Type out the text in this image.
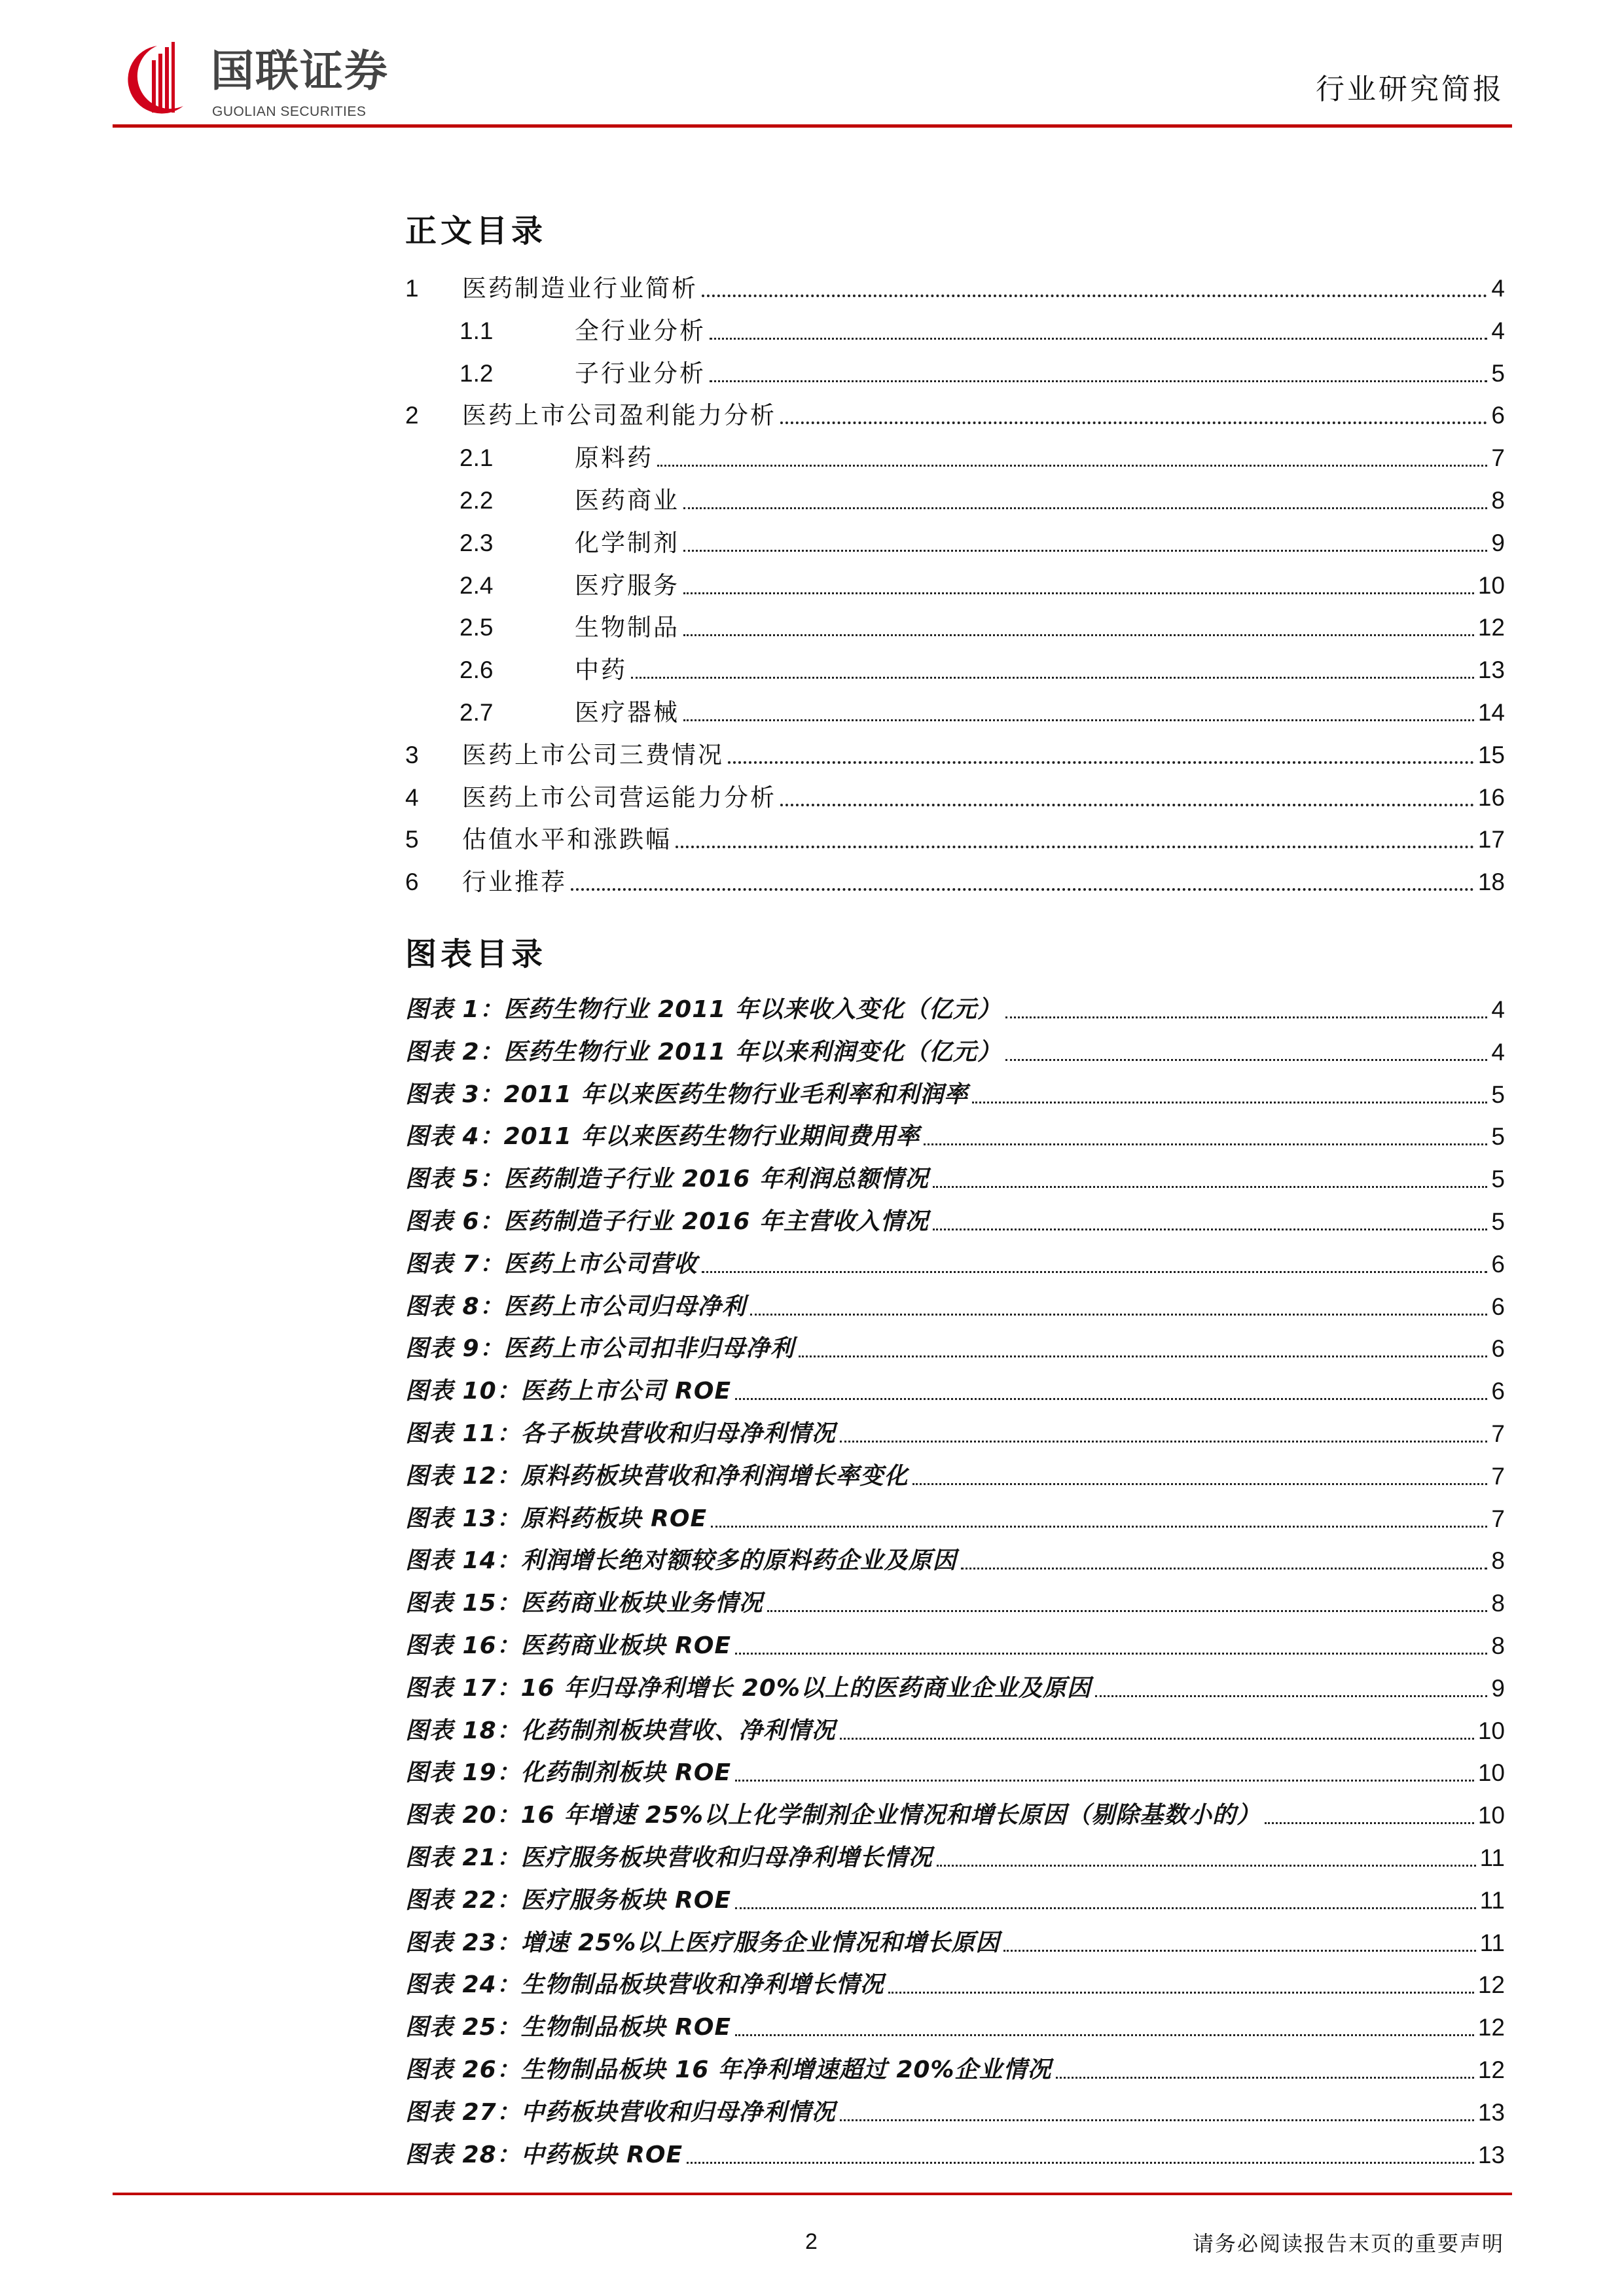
国联证券
GUOLIAN SECURITIES
行业研究简报
正文目录
1	医药制造业行业简析	4
1.1	全行业分析	4
1.2	子行业分析	5
2	医药上市公司盈利能力分析	6
2.1	原料药	7
2.2	医药商业	8
2.3	化学制剂	9
2.4	医疗服务	10
2.5	生物制品	12
2.6	中药	13
2.7	医疗器械	14
3	医药上市公司三费情况	15
4	医药上市公司营运能力分析	16
5	估值水平和涨跌幅	17
6	行业推荐	18
图表目录
图表 1：医药生物行业 2011 年以来收入变化（亿元）	4
图表 2：医药生物行业 2011 年以来利润变化（亿元）	4
图表 3：2011 年以来医药生物行业毛利率和利润率	5
图表 4：2011 年以来医药生物行业期间费用率	5
图表 5：医药制造子行业 2016 年利润总额情况	5
图表 6：医药制造子行业 2016 年主营收入情况	5
图表 7：医药上市公司营收	6
图表 8：医药上市公司归母净利	6
图表 9：医药上市公司扣非归母净利	6
图表 10：医药上市公司 ROE	6
图表 11：各子板块营收和归母净利情况	7
图表 12：原料药板块营收和净利润增长率变化	7
图表 13：原料药板块 ROE	7
图表 14：利润增长绝对额较多的原料药企业及原因	8
图表 15：医药商业板块业务情况	8
图表 16：医药商业板块 ROE	8
图表 17：16 年归母净利增长 20%以上的医药商业企业及原因	9
图表 18：化药制剂板块营收、净利情况	10
图表 19：化药制剂板块 ROE	10
图表 20：16 年增速 25%以上化学制剂企业情况和增长原因（剔除基数小的）	10
图表 21：医疗服务板块营收和归母净利增长情况	11
图表 22：医疗服务板块 ROE	11
图表 23：增速 25%以上医疗服务企业情况和增长原因	11
图表 24：生物制品板块营收和净利增长情况	12
图表 25：生物制品板块 ROE	12
图表 26：生物制品板块 16 年净利增速超过 20%企业情况	12
图表 27：中药板块营收和归母净利情况	13
图表 28：中药板块 ROE	13
2	请务必阅读报告末页的重要声明
